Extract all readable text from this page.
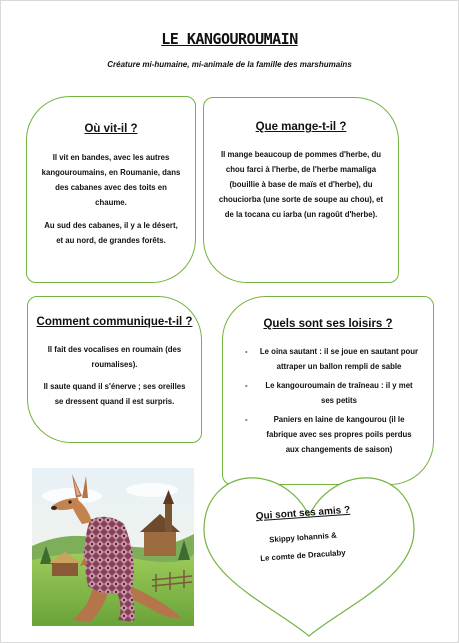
LE KANGOUROUMAIN
Créature mi-humaine, mi-animale de la famille des marshumains
Où vit-il ?

Il vit en bandes, avec les autres kangouroumains, en Roumanie, dans des cabanes avec des toits en chaume.

Au sud des cabanes, il y a le désert, et au nord, de grandes forêts.

Que mange-t-il ?

Il mange beaucoup de pommes d'herbe, du chou farci à l'herbe, de l'herbe mamaliga (bouillie à base de maïs et d'herbe), du chouciorba (une sorte de soupe au chou), et de la tocana cu iarba (un ragoût d'herbe).

Comment communique-t-il ?

Il fait des vocalises en roumain (des roumalises).

Il saute quand il s'énerve ; ses oreilles se dressent quand il est surpris.

Quels sont ses loisirs ?
- Le oina sautant : il se joue en sautant pour attraper un ballon rempli de sable
- Le kangouroumain de traîneau : il y met ses petits
- Paniers en laine de kangourou (il le fabrique avec ses propres poils perdus aux changements de saison)
Qui sont ses amis ?
Skippy Iohannis &
Le comte de Draculaby
